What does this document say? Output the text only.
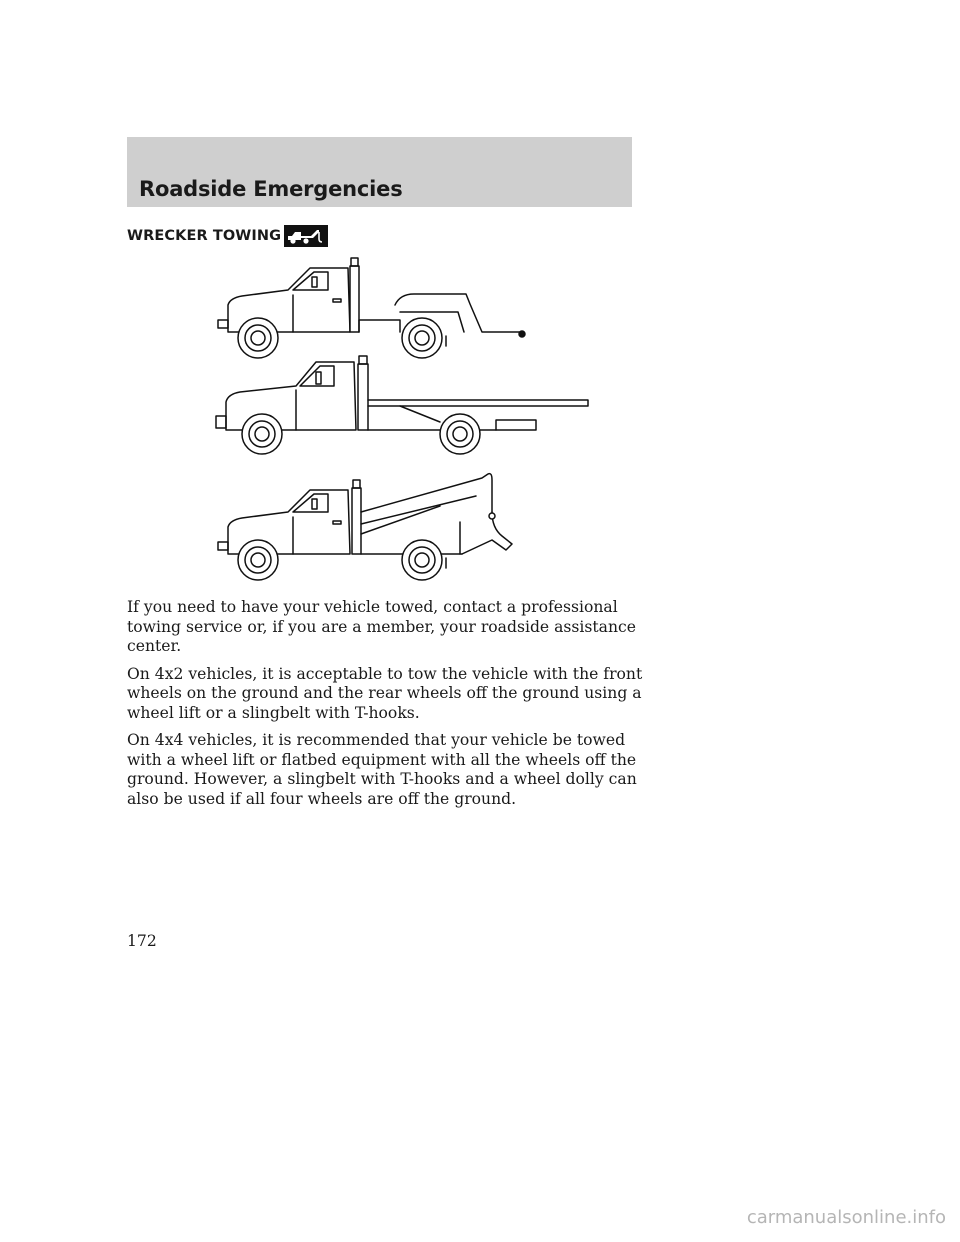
Roadside Emergencies
WRECKER TOWING

If you need to have your vehicle towed, contact a professional towing service or, if you are a member, your roadside assistance center.

On 4x2 vehicles, it is acceptable to tow the vehicle with the front wheels on the ground and the rear wheels off the ground using a wheel lift or a slingbelt with T-hooks.

On 4x4 vehicles, it is recommended that your vehicle be towed with a wheel lift or flatbed equipment with all the wheels off the ground. However, a slingbelt with T-hooks and a wheel dolly can also be used if all four wheels are off the ground.

172
carmanualsonline.info
